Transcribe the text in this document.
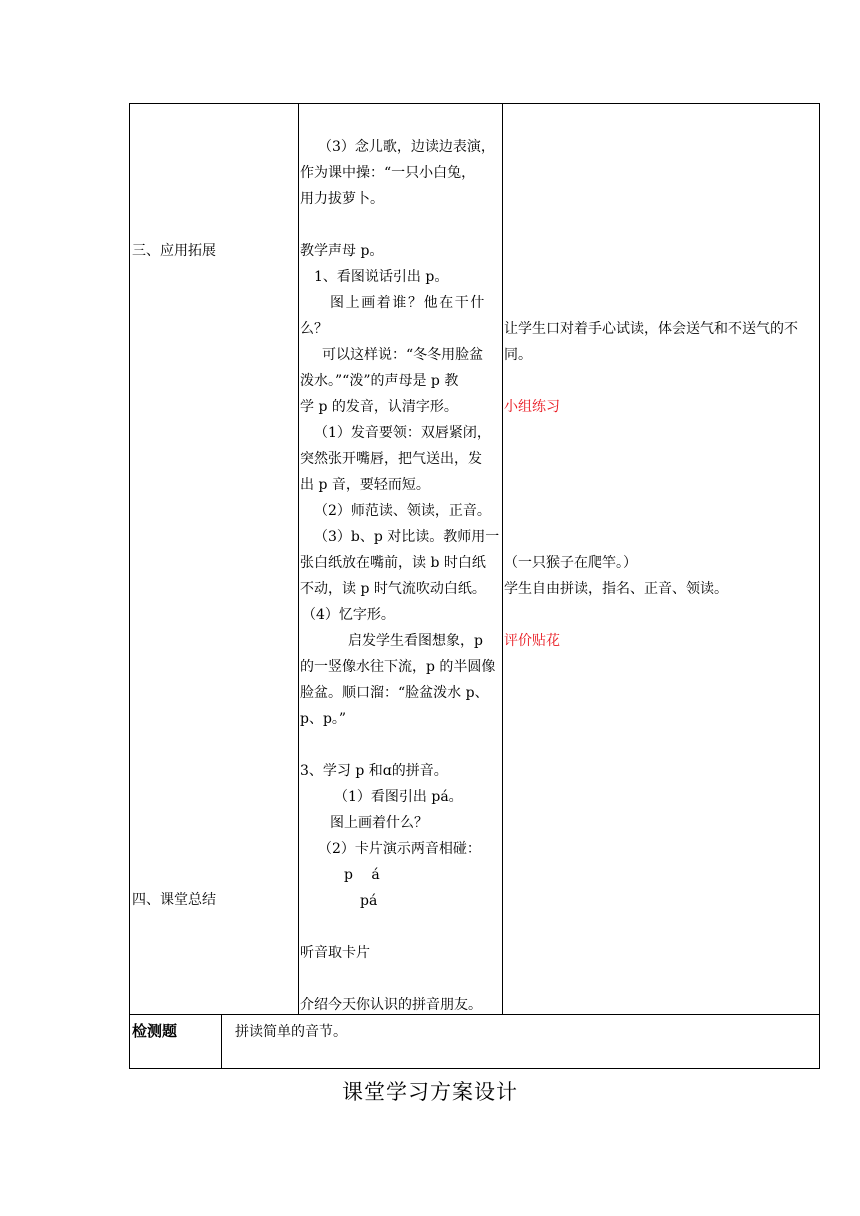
三、应用拓展
四、课堂总结
（3）念儿歌，边读边表演，
作为课中操：“一只小白兔，
用力拔萝卜。
教学声母 p。
1、看图说话引出 p。
图上画着谁？他在干什
么？
可以这样说：“冬冬用脸盆
泼水。”“泼”的声母是 p 教
学 p 的发音，认清字形。
（1）发音要领：双唇紧闭，
突然张开嘴唇，把气送出，发
出 p 音，要轻而短。
（2）师范读、领读，正音。
（3）b、p 对比读。教师用一
张白纸放在嘴前，读 b 时白纸
不动，读 p 时气流吹动白纸。
（4）忆字形。
启发学生看图想象，p
的一竖像水往下流，p 的半圆像
脸盆。顺口溜：“脸盆泼水 p、
p、p。”
3、学习 p 和ɑ的拼音。
（1）看图引出 pá。
图上画着什么？
（2）卡片演示两音相碰：
p　 á
pá
听音取卡片
介绍今天你认识的拼音朋友。
让学生口对着手心试读，体会送气和不送气的不
同。
小组练习
（一只猴子在爬竿。）
学生自由拼读，指名、正音、领读。
评价贴花
检测题	拼读简单的音节。
课堂学习方案设计
